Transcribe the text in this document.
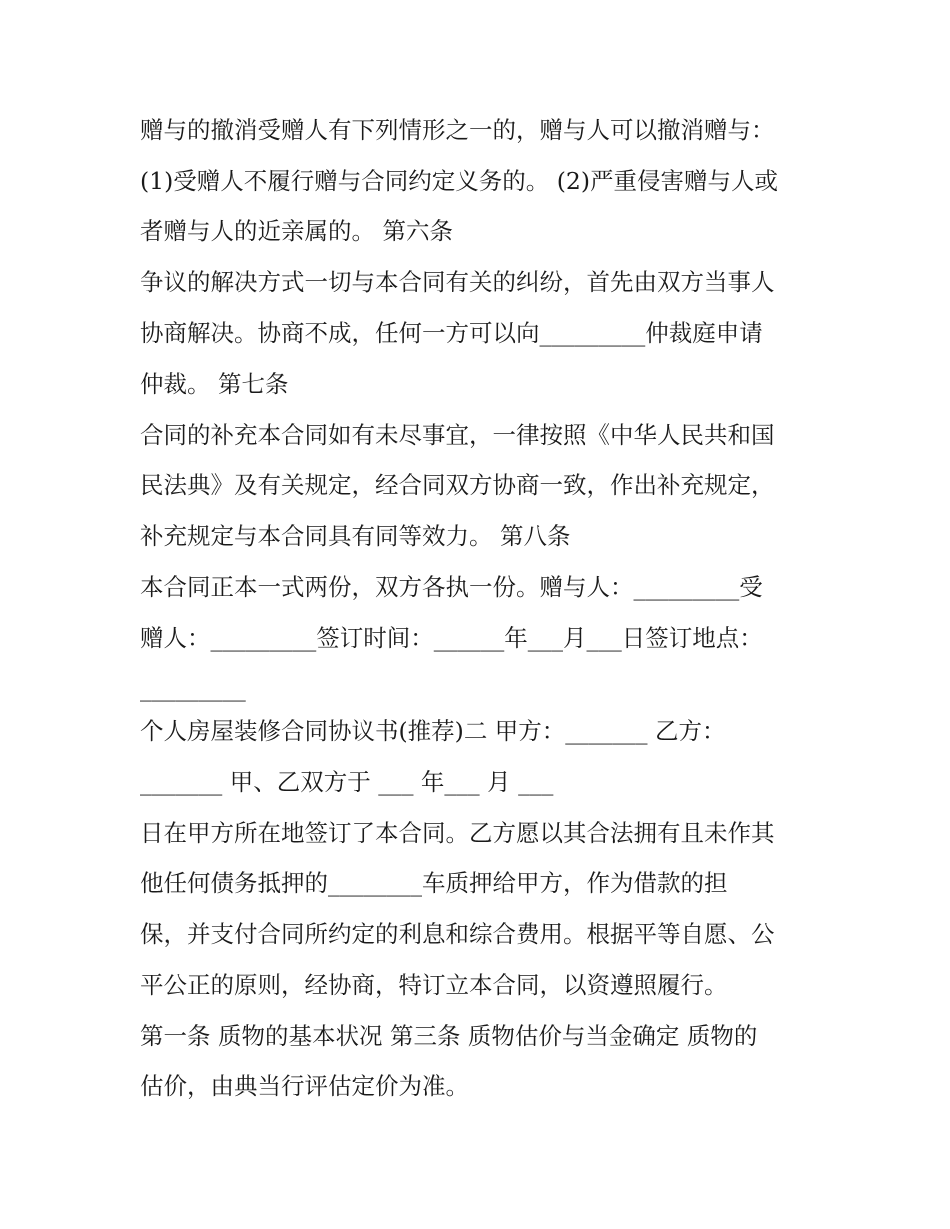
赠与的撤消受赠人有下列情形之一的，赠与人可以撤消赠与：
(1)受赠人不履行赠与合同约定义务的。 (2)严重侵害赠与人或
者赠与人的近亲属的。 第六条
争议的解决方式一切与本合同有关的纠纷，首先由双方当事人
协商解决。协商不成，任何一方可以向_________仲裁庭申请
仲裁。 第七条
合同的补充本合同如有未尽事宜，一律按照《中华人民共和国
民法典》及有关规定，经合同双方协商一致，作出补充规定，
补充规定与本合同具有同等效力。 第八条
本合同正本一式两份，双方各执一份。赠与人：_________受
赠人：_________签订时间：______年___月___日签订地点：
_________
个人房屋装修合同协议书(推荐)二 甲方：_______ 乙方：
_______ 甲、乙双方于 ___ 年___ 月 ___
日在甲方所在地签订了本合同。乙方愿以其合法拥有且未作其
他任何债务抵押的________车质押给甲方，作为借款的担
保，并支付合同所约定的利息和综合费用。根据平等自愿、公
平公正的原则，经协商，特订立本合同，以资遵照履行。
第一条 质物的基本状况 第三条 质物估价与当金确定 质物的
估价，由典当行评估定价为准。
